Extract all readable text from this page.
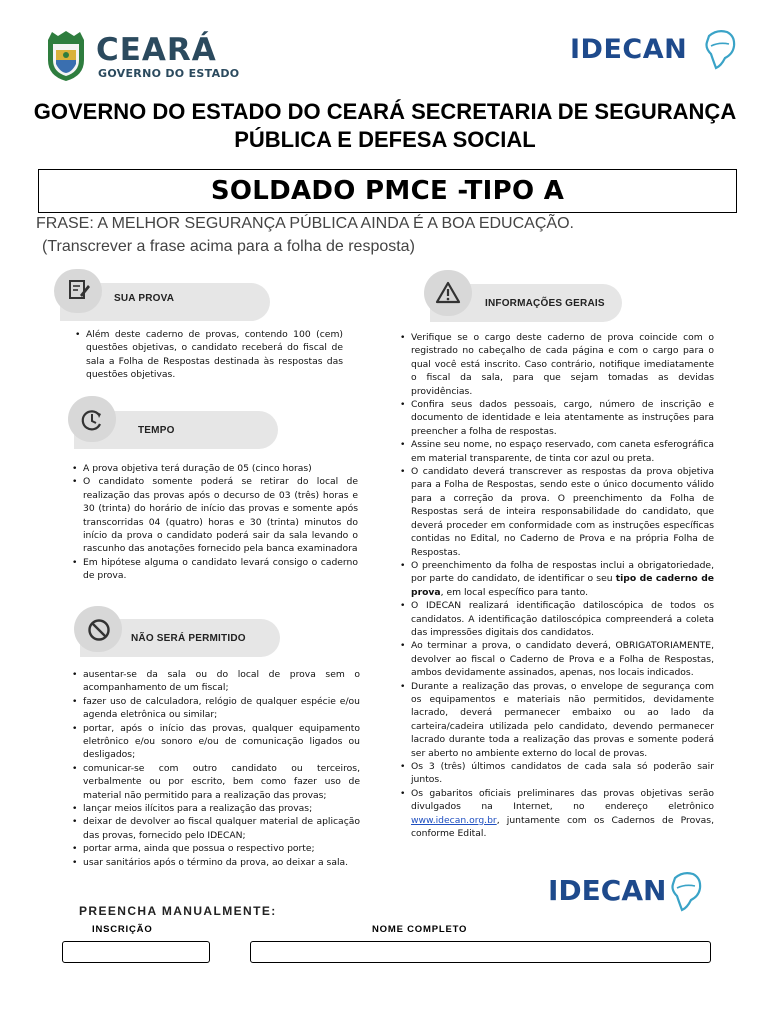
CEARÁ
GOVERNO DO ESTADO
IDECAN
GOVERNO DO ESTADO DO CEARÁ SECRETARIA DE SEGURANÇA PÚBLICA E DEFESA SOCIAL
SOLDADO PMCE -TIPO A
FRASE: A MELHOR SEGURANÇA PÚBLICA AINDA É A BOA EDUCAÇÃO.
(Transcrever a frase acima para a folha de resposta)
SUA PROVA
• Além deste caderno de provas, contendo 100 (cem) questões objetivas, o candidato receberá do fiscal de sala a Folha de Respostas destinada às respostas das questões objetivas.
TEMPO
• A prova objetiva terá duração de 05 (cinco horas)
• O candidato somente poderá se retirar do local de realização das provas após o decurso de 03 (três) horas e 30 (trinta) do horário de início das provas e somente após transcorridas 04 (quatro) horas e 30 (trinta) minutos do início da prova o candidato poderá sair da sala levando o rascunho das anotações fornecido pela banca examinadora
• Em hipótese alguma o candidato levará consigo o caderno de prova.
NÃO SERÁ PERMITIDO
• ausentar-se da sala ou do local de prova sem o acompanhamento de um fiscal;
• fazer uso de calculadora, relógio de qualquer espécie e/ou agenda eletrônica ou similar;
• portar, após o início das provas, qualquer equipamento eletrônico e/ou sonoro e/ou de comunicação ligados ou desligados;
• comunicar-se com outro candidato ou terceiros, verbalmente ou por escrito, bem como fazer uso de material não permitido para a realização das provas;
• lançar meios ilícitos para a realização das provas;
• deixar de devolver ao fiscal qualquer material de aplicação das provas, fornecido pelo IDECAN;
• portar arma, ainda que possua o respectivo porte;
• usar sanitários após o término da prova, ao deixar a sala.
INFORMAÇÕES GERAIS
• Verifique se o cargo deste caderno de prova coincide com o registrado no cabeçalho de cada página e com o cargo para o qual você está inscrito. Caso contrário, notifique imediatamente o fiscal da sala, para que sejam tomadas as devidas providências.
• Confira seus dados pessoais, cargo, número de inscrição e documento de identidade e leia atentamente as instruções para preencher a folha de respostas.
• Assine seu nome, no espaço reservado, com caneta esferográfica em material transparente, de tinta cor azul ou preta.
• O candidato deverá transcrever as respostas da prova objetiva para a Folha de Respostas, sendo este o único documento válido para a correção da prova. O preenchimento da Folha de Respostas será de inteira responsabilidade do candidato, que deverá proceder em conformidade com as instruções específicas contidas no Edital, no Caderno de Prova e na própria Folha de Respostas.
• O preenchimento da folha de respostas inclui a obrigatoriedade, por parte do candidato, de identificar o seu tipo de caderno de prova, em local específico para tanto.
• O IDECAN realizará identificação datiloscópica de todos os candidatos. A identificação datiloscópica compreenderá a coleta das impressões digitais dos candidatos.
• Ao terminar a prova, o candidato deverá, OBRIGATORIAMENTE, devolver ao fiscal o Caderno de Prova e a Folha de Respostas, ambos devidamente assinados, apenas, nos locais indicados.
• Durante a realização das provas, o envelope de segurança com os equipamentos e materiais não permitidos, devidamente lacrado, deverá permanecer embaixo ou ao lado da carteira/cadeira utilizada pelo candidato, devendo permanecer lacrado durante toda a realização das provas e somente poderá ser aberto no ambiente externo do local de provas.
• Os 3 (três) últimos candidatos de cada sala só poderão sair juntos.
• Os gabaritos oficiais preliminares das provas objetivas serão divulgados na Internet, no endereço eletrônico www.idecan.org.br, juntamente com os Cadernos de Provas, conforme Edital.
IDECAN
PREENCHA MANUALMENTE:
INSCRIÇÃO	NOME COMPLETO
